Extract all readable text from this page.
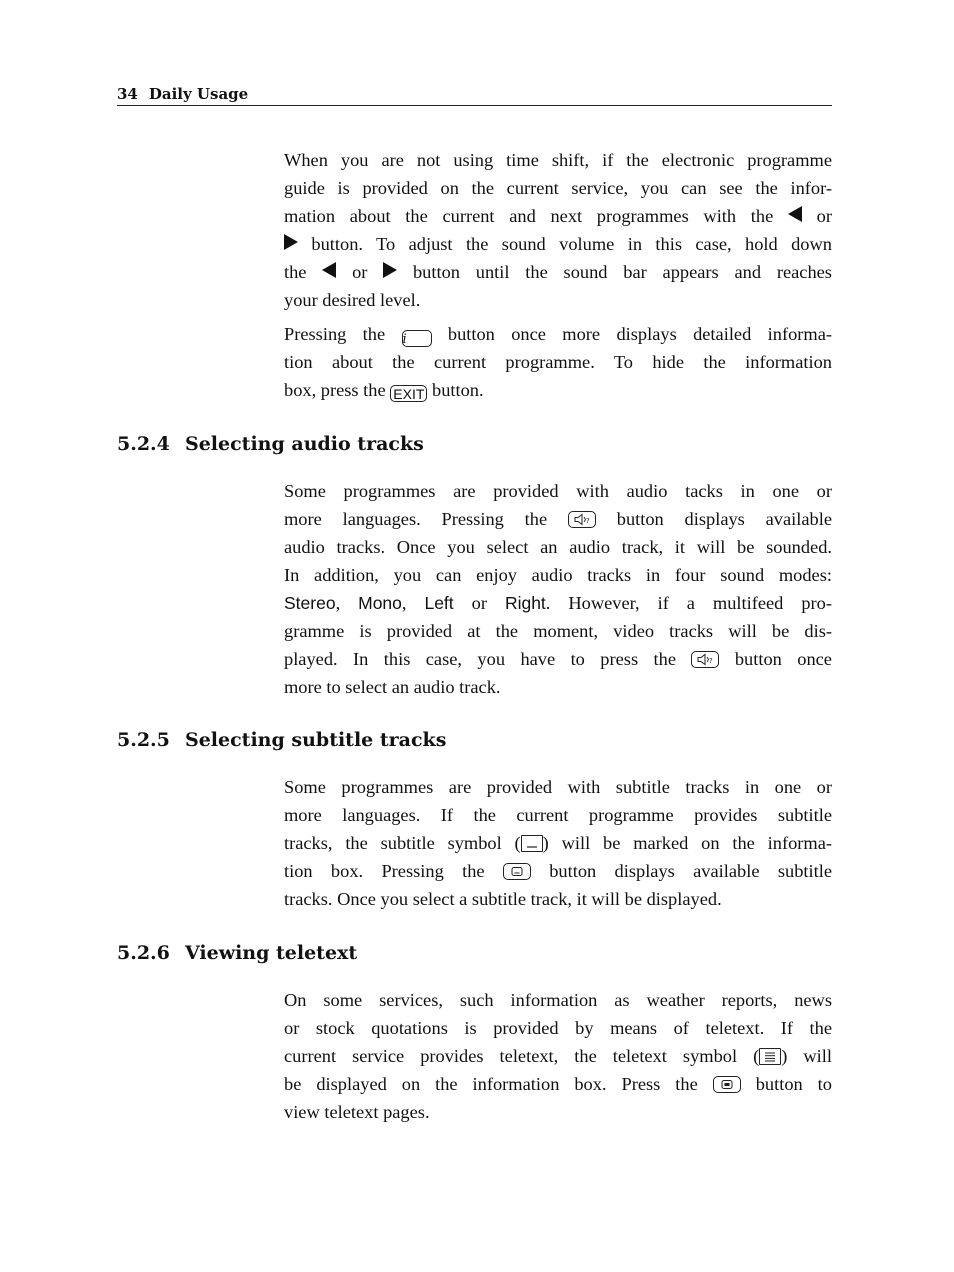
34 Daily Usage
When you are not using time shift, if the electronic programme
guide is provided on the current service, you can see the infor-
mation about the current and next programmes with the or
button. To adjust the sound volume in this case, hold down
the or button until the sound bar appears and reaches
your desired level.
Pressing the i button once more displays detailed informa-
tion about the current programme. To hide the information
box, press the EXIT button.
5.2.4 Selecting audio tracks
Some programmes are provided with audio tacks in one or
more languages. Pressing the	? button displays available
audio tracks. Once you select an audio track, it will be sounded.
In addition, you can enjoy audio tracks in four sound modes:
Stereo, Mono, Left or Right. However, if a multifeed pro-
gramme is provided at the moment, video tracks will be dis-
played. In this case, you have to press the	? button once
more to select an audio track.
5.2.5 Selecting subtitle tracks
Some programmes are provided with subtitle tracks in one or
more languages. If the current programme provides subtitle
tracks, the subtitle symbol ( ) will be marked on the informa-
tion box. Pressing the	button displays available subtitle
tracks. Once you select a subtitle track, it will be displayed.
5.2.6 Viewing teletext
On some services, such information as weather reports, news
or stock quotations is provided by means of teletext. If the
current service provides teletext, the teletext symbol ( ) will
be displayed on the information box. Press the	button to
view teletext pages.
